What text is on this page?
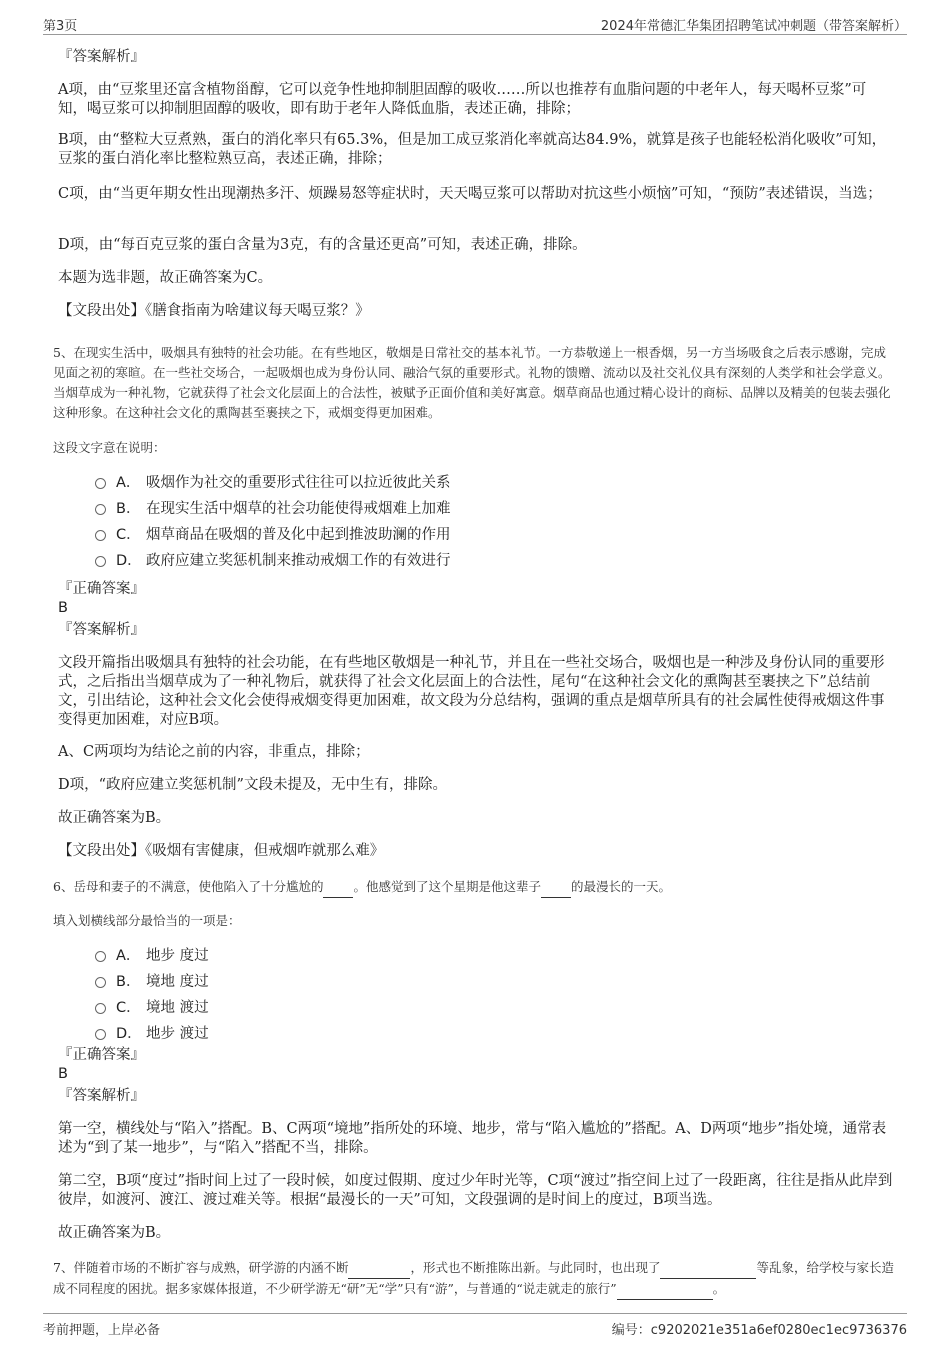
第3页	2024年常德汇华集团招聘笔试冲刺题（带答案解析）
『答案解析』
A项，由“豆浆里还富含植物甾醇，它可以竞争性地抑制胆固醇的吸收……所以也推荐有血脂问题的中老年人，每天喝杯豆浆”可知，喝豆浆可以抑制胆固醇的吸收，即有助于老年人降低血脂，表述正确，排除；
B项，由“整粒大豆煮熟，蛋白的消化率只有65.3%，但是加工成豆浆消化率就高达84.9%，就算是孩子也能轻松消化吸收”可知，豆浆的蛋白消化率比整粒熟豆高，表述正确，排除；
C项，由“当更年期女性出现潮热多汗、烦躁易怒等症状时，天天喝豆浆可以帮助对抗这些小烦恼”可知，“预防”表述错误，当选；
D项，由“每百克豆浆的蛋白含量为3克，有的含量还更高”可知，表述正确，排除。
本题为选非题，故正确答案为C。
【文段出处】《膳食指南为啥建议每天喝豆浆？》
5、在现实生活中，吸烟具有独特的社会功能。在有些地区，敬烟是日常社交的基本礼节。一方恭敬递上一根香烟，另一方当场吸食之后表示感谢，完成见面之初的寒暄。在一些社交场合，一起吸烟也成为身份认同、融洽气氛的重要形式。礼物的馈赠、流动以及社交礼仪具有深刻的人类学和社会学意义。当烟草成为一种礼物，它就获得了社会文化层面上的合法性，被赋予正面价值和美好寓意。烟草商品也通过精心设计的商标、品牌以及精美的包装去强化这种形象。在这种社会文化的熏陶甚至裹挟之下，戒烟变得更加困难。
这段文字意在说明：
A． 吸烟作为社交的重要形式往往可以拉近彼此关系
B． 在现实生活中烟草的社会功能使得戒烟难上加难
C． 烟草商品在吸烟的普及化中起到推波助澜的作用
D． 政府应建立奖惩机制来推动戒烟工作的有效进行
『正确答案』
B
『答案解析』
文段开篇指出吸烟具有独特的社会功能，在有些地区敬烟是一种礼节，并且在一些社交场合，吸烟也是一种涉及身份认同的重要形式，之后指出当烟草成为了一种礼物后，就获得了社会文化层面上的合法性，尾句“在这种社会文化的熏陶甚至裹挟之下”总结前文，引出结论，这种社会文化会使得戒烟变得更加困难，故文段为分总结构，强调的重点是烟草所具有的社会属性使得戒烟这件事变得更加困难，对应B项。
A、C两项均为结论之前的内容，非重点，排除；
D项，“政府应建立奖惩机制”文段未提及，无中生有，排除。
故正确答案为B。
【文段出处】《吸烟有害健康，但戒烟咋就那么难》
6、岳母和妻子的不满意，使他陷入了十分尴尬的 。他感觉到了这个星期是他这辈子 的最漫长的一天。
填入划横线部分最恰当的一项是：
A． 地步 度过
B． 境地 度过
C． 境地 渡过
D． 地步 渡过
『正确答案』
B
『答案解析』
第一空，横线处与“陷入”搭配。B、C两项“境地”指所处的环境、地步，常与“陷入尴尬的”搭配。A、D两项“地步”指处境，通常表述为“到了某一地步”，与“陷入”搭配不当，排除。
第二空，B项“度过”指时间上过了一段时候，如度过假期、度过少年时光等，C项“渡过”指空间上过了一段距离，往往是指从此岸到彼岸，如渡河、渡江、渡过难关等。根据“最漫长的一天”可知，文段强调的是时间上的度过，B项当选。
故正确答案为B。
7、伴随着市场的不断扩容与成熟，研学游的内涵不断	，形式也不断推陈出新。与此同时，也出现了	等乱象，给学校与家长造成不同程度的困扰。据多家媒体报道，不少研学游无“研”无“学”只有“游”，与普通的“说走就走的旅行”	。
考前押题，上岸必备	编号：c9202021e351a6ef0280ec1ec9736376
